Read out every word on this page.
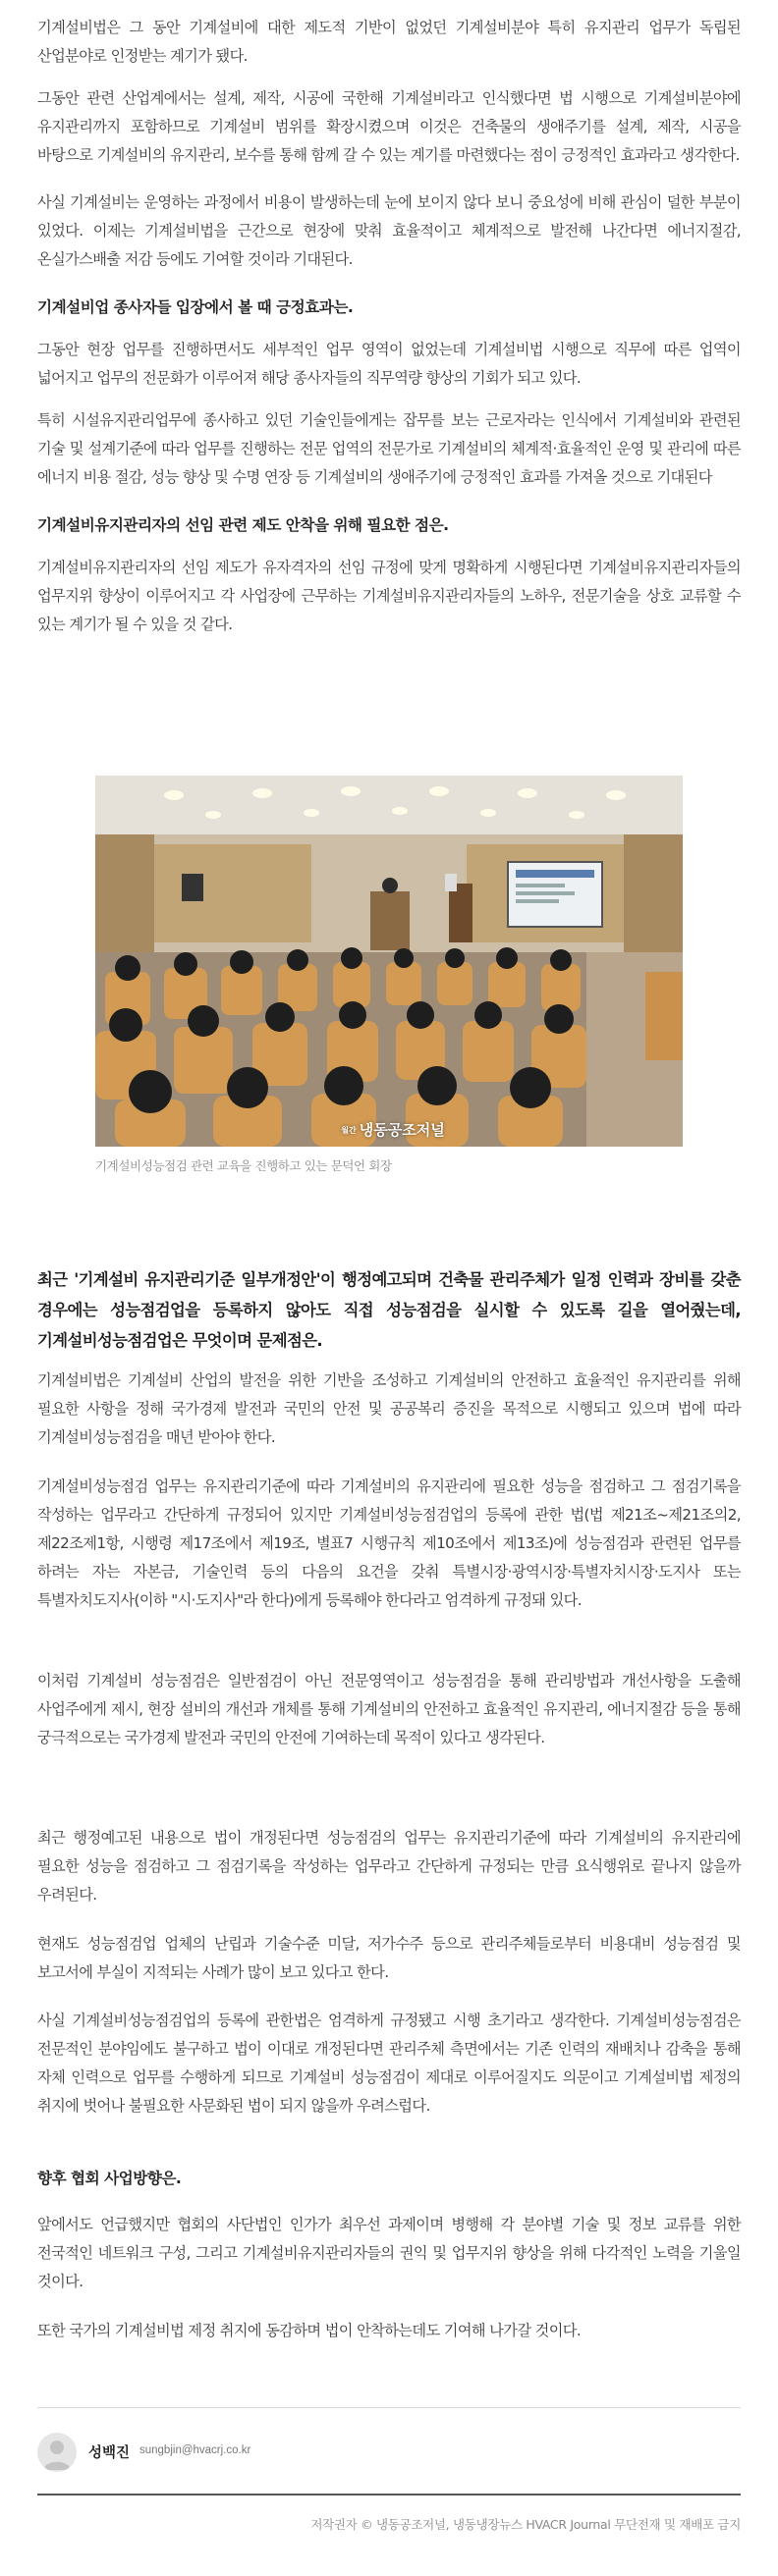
기계설비법은 그 동안 기계설비에 대한 제도적 기반이 없었던 기계설비분야 특히 유지관리 업무가 독립된 산업분야로 인정받는 계기가 됐다.

그동안 관련 산업계에서는 설계, 제작, 시공에 국한해 기계설비라고 인식했다면 법 시행으로 기계설비분야에 유지관리까지 포함하므로 기계설비 범위를 확장시켰으며 이것은 건축물의 생애주기를 설계, 제작, 시공을 바탕으로 기계설비의 유지관리, 보수를 통해 함께 갈 수 있는 계기를 마련했다는 점이 긍정적인 효과라고 생각한다.

사실 기계설비는 운영하는 과정에서 비용이 발생하는데 눈에 보이지 않다 보니 중요성에 비해 관심이 덜한 부분이 있었다. 이제는 기계설비법을 근간으로 현장에 맞춰 효율적이고 체계적으로 발전해 나간다면 에너지절감, 온실가스배출 저감 등에도 기여할 것이라 기대된다.

기계설비업 종사자들 입장에서 볼 때 긍정효과는.

그동안 현장 업무를 진행하면서도 세부적인 업무 영역이 없었는데 기계설비법 시행으로 직무에 따른 업역이 넓어지고 업무의 전문화가 이루어져 해당 종사자들의 직무역량 향상의 기회가 되고 있다.

특히 시설유지관리업무에 종사하고 있던 기술인들에게는 잡무를 보는 근로자라는 인식에서 기계설비와 관련된 기술 및 설계기준에 따라 업무를 진행하는 전문 업역의 전문가로 기계설비의 체계적·효율적인 운영 및 관리에 따른 에너지 비용 절감, 성능 향상 및 수명 연장 등 기계설비의 생애주기에 긍정적인 효과를 가져올 것으로 기대된다

기계설비유지관리자의 선임 관련 제도 안착을 위해 필요한 점은.

기계설비유지관리자의 선임 제도가 유자격자의 선임 규정에 맞게 명확하게 시행된다면 기계설비유지관리자들의 업무지위 향상이 이루어지고 각 사업장에 근무하는 기계설비유지관리자들의 노하우, 전문기술을 상호 교류할 수 있는 계기가 될 수 있을 것 같다.

월간 냉동공조저널
기계설비성능점검 관련 교육을 진행하고 있는 문덕언 회장

최근 '기계설비 유지관리기준 일부개정안'이 행정예고되며 건축물 관리주체가 일정 인력과 장비를 갖춘 경우에는 성능점검업을 등록하지 않아도 직접 성능점검을 실시할 수 있도록 길을 열어줬는데, 기계설비성능점검업은 무엇이며 문제점은.

기계설비법은 기계설비 산업의 발전을 위한 기반을 조성하고 기계설비의 안전하고 효율적인 유지관리를 위해 필요한 사항을 정해 국가경제 발전과 국민의 안전 및 공공복리 증진을 목적으로 시행되고 있으며 법에 따라 기계설비성능점검을 매년 받아야 한다.

기계설비성능점검 업무는 유지관리기준에 따라 기계설비의 유지관리에 필요한 성능을 점검하고 그 점검기록을 작성하는 업무라고 간단하게 규정되어 있지만 기계설비성능점검업의 등록에 관한 법(법 제21조~제21조의2, 제22조제1항, 시행령 제17조에서 제19조, 별표7 시행규칙 제10조에서 제13조)에 성능점검과 관련된 업무를 하려는 자는 자본금, 기술인력 등의 다음의 요건을 갖춰 특별시장·광역시장·특별자치시장·도지사 또는 특별자치도지사(이하 "시·도지사"라 한다)에게 등록해야 한다라고 엄격하게 규정돼 있다.

이처럼 기계설비 성능점검은 일반점검이 아닌 전문영역이고 성능점검을 통해 관리방법과 개선사항을 도출해 사업주에게 제시, 현장 설비의 개선과 개체를 통해 기계설비의 안전하고 효율적인 유지관리, 에너지절감 등을 통해 궁극적으로는 국가경제 발전과 국민의 안전에 기여하는데 목적이 있다고 생각된다.

최근 행정예고된 내용으로 법이 개정된다면 성능점검의 업무는 유지관리기준에 따라 기계설비의 유지관리에 필요한 성능을 점검하고 그 점검기록을 작성하는 업무라고 간단하게 규정되는 만큼 요식행위로 끝나지 않을까 우려된다.

현재도 성능점검업 업체의 난립과 기술수준 미달, 저가수주 등으로 관리주체들로부터 비용대비 성능점검 및 보고서에 부실이 지적되는 사례가 많이 보고 있다고 한다.

사실 기계설비성능점검업의 등록에 관한법은 엄격하게 규정됐고 시행 초기라고 생각한다. 기계설비성능점검은 전문적인 분야임에도 불구하고 법이 이대로 개정된다면 관리주체 측면에서는 기존 인력의 재배치나 감축을 통해 자체 인력으로 업무를 수행하게 되므로 기계설비 성능점검이 제대로 이루어질지도 의문이고 기계설비법 제정의 취지에 벗어나 불필요한 사문화된 법이 되지 않을까 우려스럽다.

향후 협회 사업방향은.

앞에서도 언급했지만 협회의 사단법인 인가가 최우선 과제이며 병행해 각 분야별 기술 및 정보 교류를 위한 전국적인 네트워크 구성, 그리고 기계설비유지관리자들의 권익 및 업무지위 향상을 위해 다각적인 노력을 기울일 것이다.

또한 국가의 기계설비법 제정 취지에 동감하며 법이 안착하는데도 기여해 나가갈 것이다.

성백진 sungbjin@hvacrj.co.kr
저작권자 © 냉동공조저널, 냉동냉장뉴스 HVACR Journal 무단전재 및 재배포 금지
